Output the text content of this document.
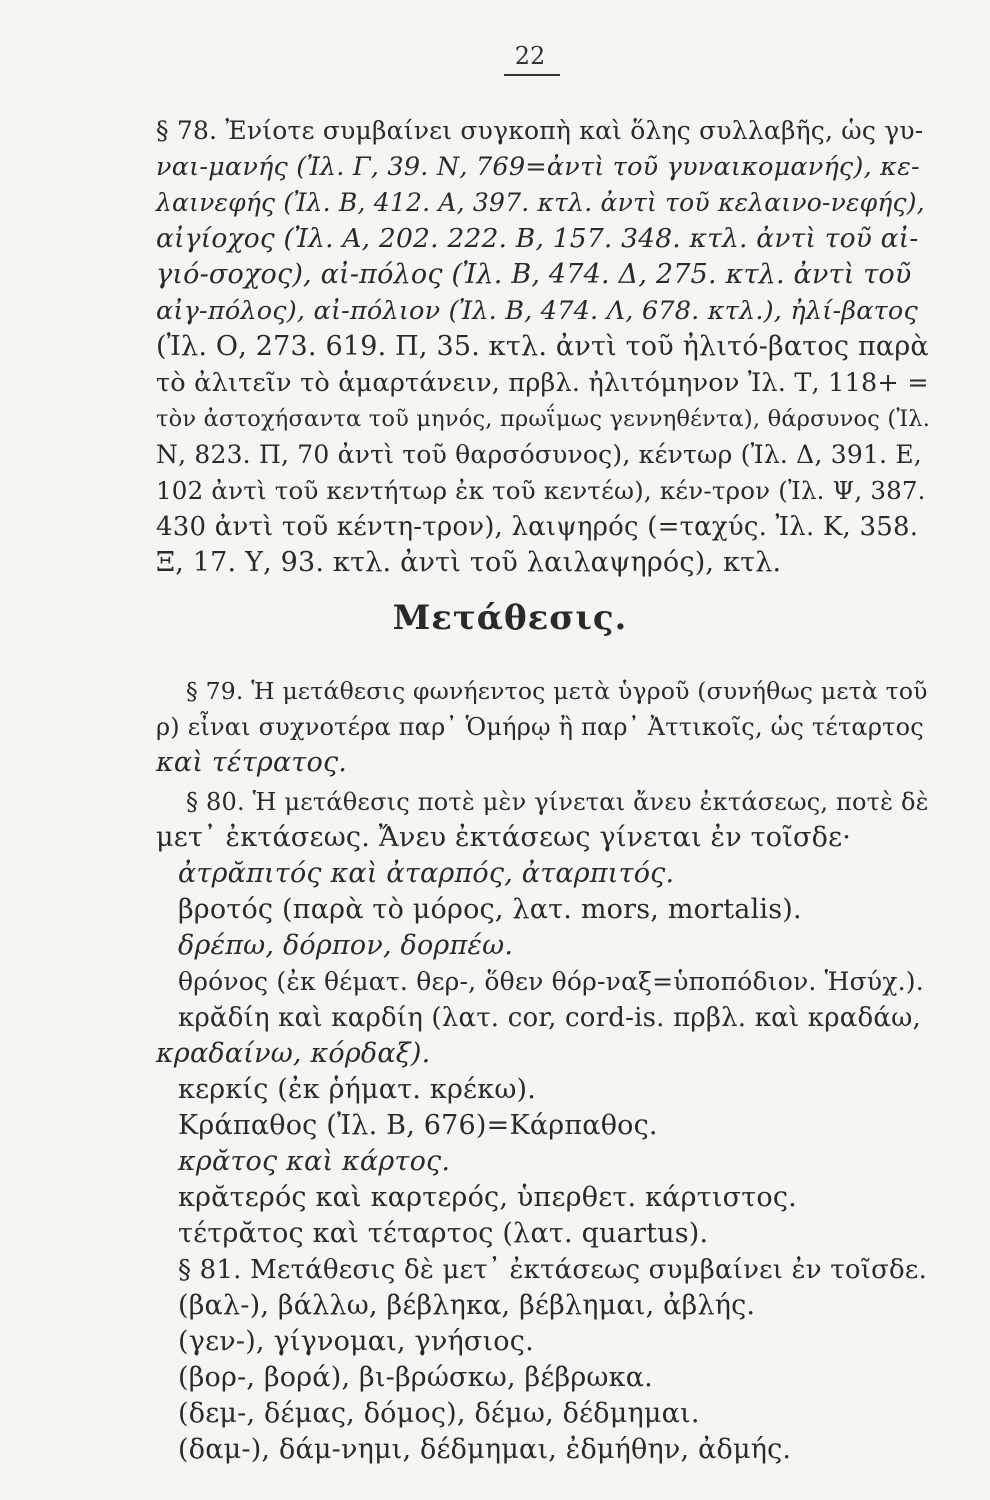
22
§ 78. Ἐνίοτε συμβαίνει συγκοπὴ καὶ ὅλης συλλαβῆς, ὡς γυ-
ναι-μανής (Ἰλ. Γ, 39. Ν, 769=ἀντὶ τοῦ γυναικομανής), κε-
λαινεφής (Ἰλ. Β, 412. Α, 397. κτλ. ἀντὶ τοῦ κελαινο-νεφής),
αἰγίοχος (Ἰλ. Α, 202. 222. Β, 157. 348. κτλ. ἀντὶ τοῦ αἰ-
γιό-σοχος), αἰ-πόλος (Ἰλ. Β, 474. Δ, 275. κτλ. ἀντὶ τοῦ
αἰγ-πόλος), αἰ-πόλιον (Ἰλ. Β, 474. Λ, 678. κτλ.), ἠλί-βατος
(Ἰλ. Ο, 273. 619. Π, 35. κτλ. ἀντὶ τοῦ ἠλιτό-βατος παρὰ
τὸ ἀλιτεῖν τὸ ἁμαρτάνειν, πρβλ. ἠλιτόμηνον Ἰλ. Τ, 118+ =
τὸν ἀστοχήσαντα τοῦ μηνός, πρωΐμως γεννηθέντα), θάρσυνος (Ἰλ.
Ν, 823. Π, 70 ἀντὶ τοῦ θαρσόσυνος), κέντωρ (Ἰλ. Δ, 391. Ε,
102 ἀντὶ τοῦ κεντήτωρ ἐκ τοῦ κεντέω), κέν-τρον (Ἰλ. Ψ, 387.
430 ἀντὶ τοῦ κέντη-τρον), λαιψηρός (=ταχύς. Ἰλ. Κ, 358.
Ξ, 17. Υ, 93. κτλ. ἀντὶ τοῦ λαιλαψηρός), κτλ.
Μετάθεσις.
§ 79. Ἡ μετάθεσις φωνήεντος μετὰ ὑγροῦ (συνήθως μετὰ τοῦ
ρ) εἶναι συχνοτέρα παρ᾽ Ὁμήρῳ ἢ παρ᾽ Ἀττικοῖς, ὡς τέταρτος
καὶ τέτρατος.
§ 80. Ἡ μετάθεσις ποτὲ μὲν γίνεται ἄνευ ἐκτάσεως, ποτὲ δὲ
μετ᾽ ἐκτάσεως. Ἄνευ ἐκτάσεως γίνεται ἐν τοῖσδε·
ἀτρᾰπιτός καὶ ἀταρπός, ἀταρπιτός.
βροτός (παρὰ τὸ μόρος, λατ. mors, mortalis).
δρέπω, δόρπον, δορπέω.
θρόνος (ἐκ θέματ. θερ-, ὅθεν θόρ-ναξ=ὑποπόδιον. Ἡσύχ.).
κρᾰδίη καὶ καρδίη (λατ. cor, cord-is. πρβλ. καὶ κραδάω,
κραδαίνω, κόρδαξ).
κερκίς (ἐκ ῥήματ. κρέκω).
Κράπαθος (Ἰλ. Β, 676)=Κάρπαθος.
κρᾰτος καὶ κάρτος.
κρᾰτερός καὶ καρτερός, ὑπερθετ. κάρτιστος.
τέτρᾰτος καὶ τέταρτος (λατ. quartus).
§ 81. Μετάθεσις δὲ μετ᾽ ἐκτάσεως συμβαίνει ἐν τοῖσδε.
(βαλ-), βάλλω, βέβληκα, βέβλημαι, ἀβλής.
(γεν-), γίγνομαι, γνήσιος.
(βορ-, βορά), βι-βρώσκω, βέβρωκα.
(δεμ-, δέμας, δόμος), δέμω, δέδμημαι.
(δαμ-), δάμ-νημι, δέδμημαι, ἐδμήθην, ἀδμής.
